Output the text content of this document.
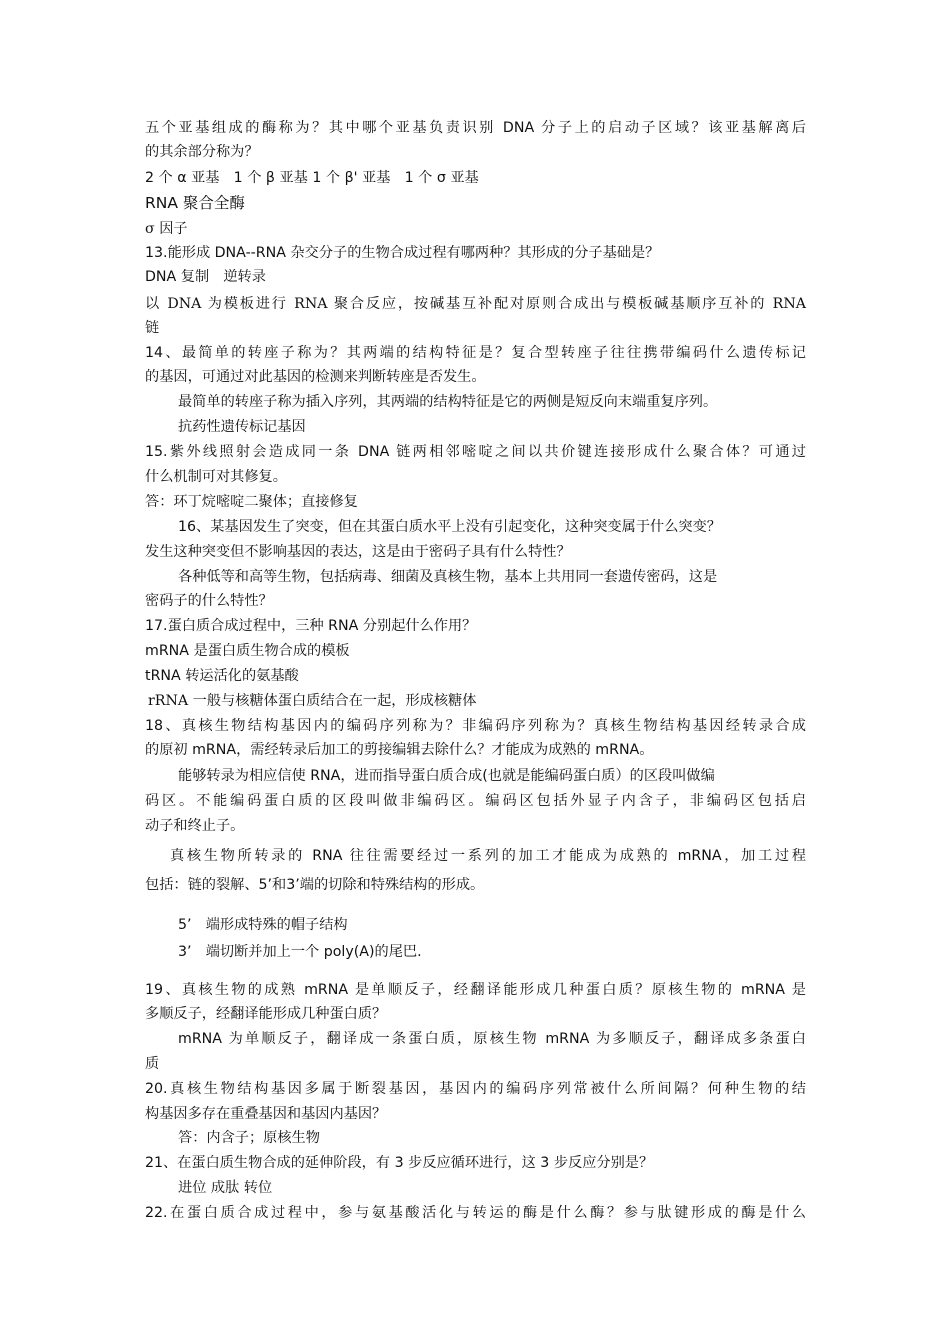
五个亚基组成的酶称为？其中哪个亚基负责识别 DNA 分子上的启动子区域？该亚基解离后
的其余部分称为？
2 个 α 亚基　1 个 β 亚基 1 个 β' 亚基　1 个 σ 亚基
RNA 聚合全酶
σ 因子
13.能形成 DNA--RNA 杂交分子的生物合成过程有哪两种？其形成的分子基础是？
DNA 复制　逆转录
以 DNA 为模板进行 RNA 聚合反应，按碱基互补配对原则合成出与模板碱基顺序互补的 RNA
链
14、最简单的转座子称为？其两端的结构特征是？复合型转座子往往携带编码什么遗传标记
的基因，可通过对此基因的检测来判断转座是否发生。
最简单的转座子称为插入序列，其两端的结构特征是它的两侧是短反向末端重复序列。
抗药性遗传标记基因
15.紫外线照射会造成同一条 DNA 链两相邻嘧啶之间以共价键连接形成什么聚合体？可通过
什么机制可对其修复。
答：环丁烷嘧啶二聚体；直接修复
16、某基因发生了突变，但在其蛋白质水平上没有引起变化，这种突变属于什么突变？
发生这种突变但不影响基因的表达，这是由于密码子具有什么特性？
各种低等和高等生物，包括病毒、细菌及真核生物，基本上共用同一套遗传密码，这是
密码子的什么特性？
17.蛋白质合成过程中，三种 RNA 分别起什么作用？
mRNA 是蛋白质生物合成的模板
tRNA 转运活化的氨基酸
rRNA 一般与核糖体蛋白质结合在一起，形成核糖体
18、真核生物结构基因内的编码序列称为？非编码序列称为？真核生物结构基因经转录合成
的原初 mRNA，需经转录后加工的剪接编辑去除什么？才能成为成熟的 mRNA。
能够转录为相应信使 RNA，进而指导蛋白质合成(也就是能编码蛋白质）的区段叫做编
码区。不能编码蛋白质的区段叫做非编码区。编码区包括外显子内含子，非编码区包括启
动子和终止子。
真核生物所转录的 RNA 往往需要经过一系列的加工才能成为成熟的 mRNA，加工过程
包括：链的裂解、5’和3’端的切除和特殊结构的形成。
5’　端形成特殊的帽子结构
3’　端切断并加上一个 poly(A)的尾巴.
19、真核生物的成熟 mRNA 是单顺反子，经翻译能形成几种蛋白质？原核生物的 mRNA 是
多顺反子，经翻译能形成几种蛋白质？
mRNA 为单顺反子，翻译成一条蛋白质，原核生物 mRNA 为多顺反子，翻译成多条蛋白
质
20.真核生物结构基因多属于断裂基因，基因内的编码序列常被什么所间隔？何种生物的结
构基因多存在重叠基因和基因内基因？
答：内含子；原核生物
21、在蛋白质生物合成的延伸阶段，有 3 步反应循环进行，这 3 步反应分别是？
进位 成肽 转位
22.在蛋白质合成过程中，参与氨基酸活化与转运的酶是什么酶？参与肽键形成的酶是什么
